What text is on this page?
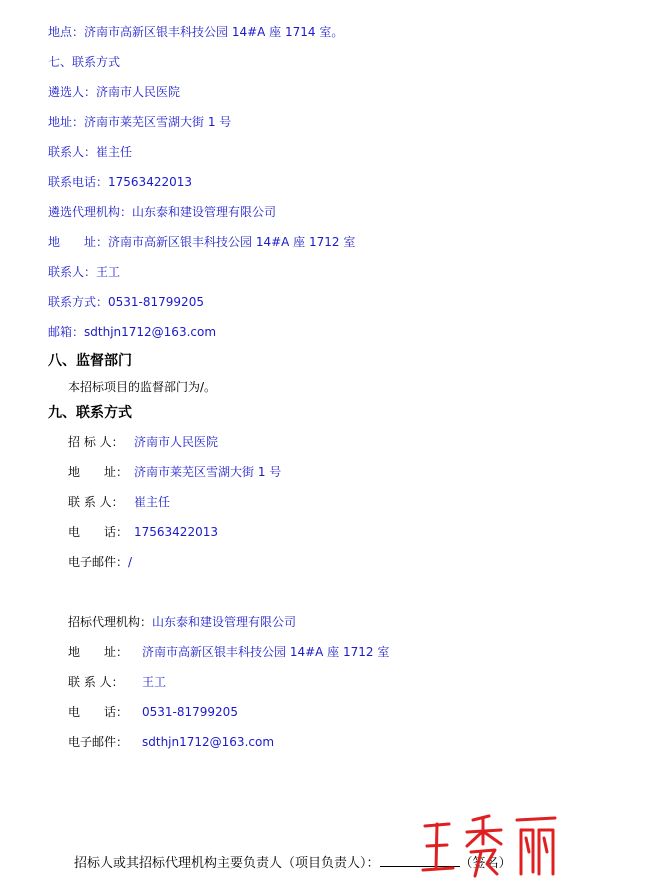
地点：济南市高新区银丰科技公园 14#A 座 1714 室。
七、联系方式
遴选人：济南市人民医院
地址：济南市莱芜区雪湖大街 1 号
联系人：崔主任
联系电话：17563422013
遴选代理机构：山东泰和建设管理有限公司
地　　址：济南市高新区银丰科技公园 14#A 座 1712 室
联系人：王工
联系方式：0531-81799205
邮箱：sdthjn1712@163.com
八、监督部门
本招标项目的监督部门为/。
九、联系方式
招 标 人： 济南市人民医院
地　　址： 济南市莱芜区雪湖大街 1 号
联 系 人： 崔主任
电　　话： 17563422013
电子邮件：/
招标代理机构：山东泰和建设管理有限公司
地　　址： 济南市高新区银丰科技公园 14#A 座 1712 室
联 系 人： 王工
电　　话： 0531-81799205
电子邮件： sdthjn1712@163.com
招标人或其招标代理机构主要负责人（项目负责人）：	（签名）
